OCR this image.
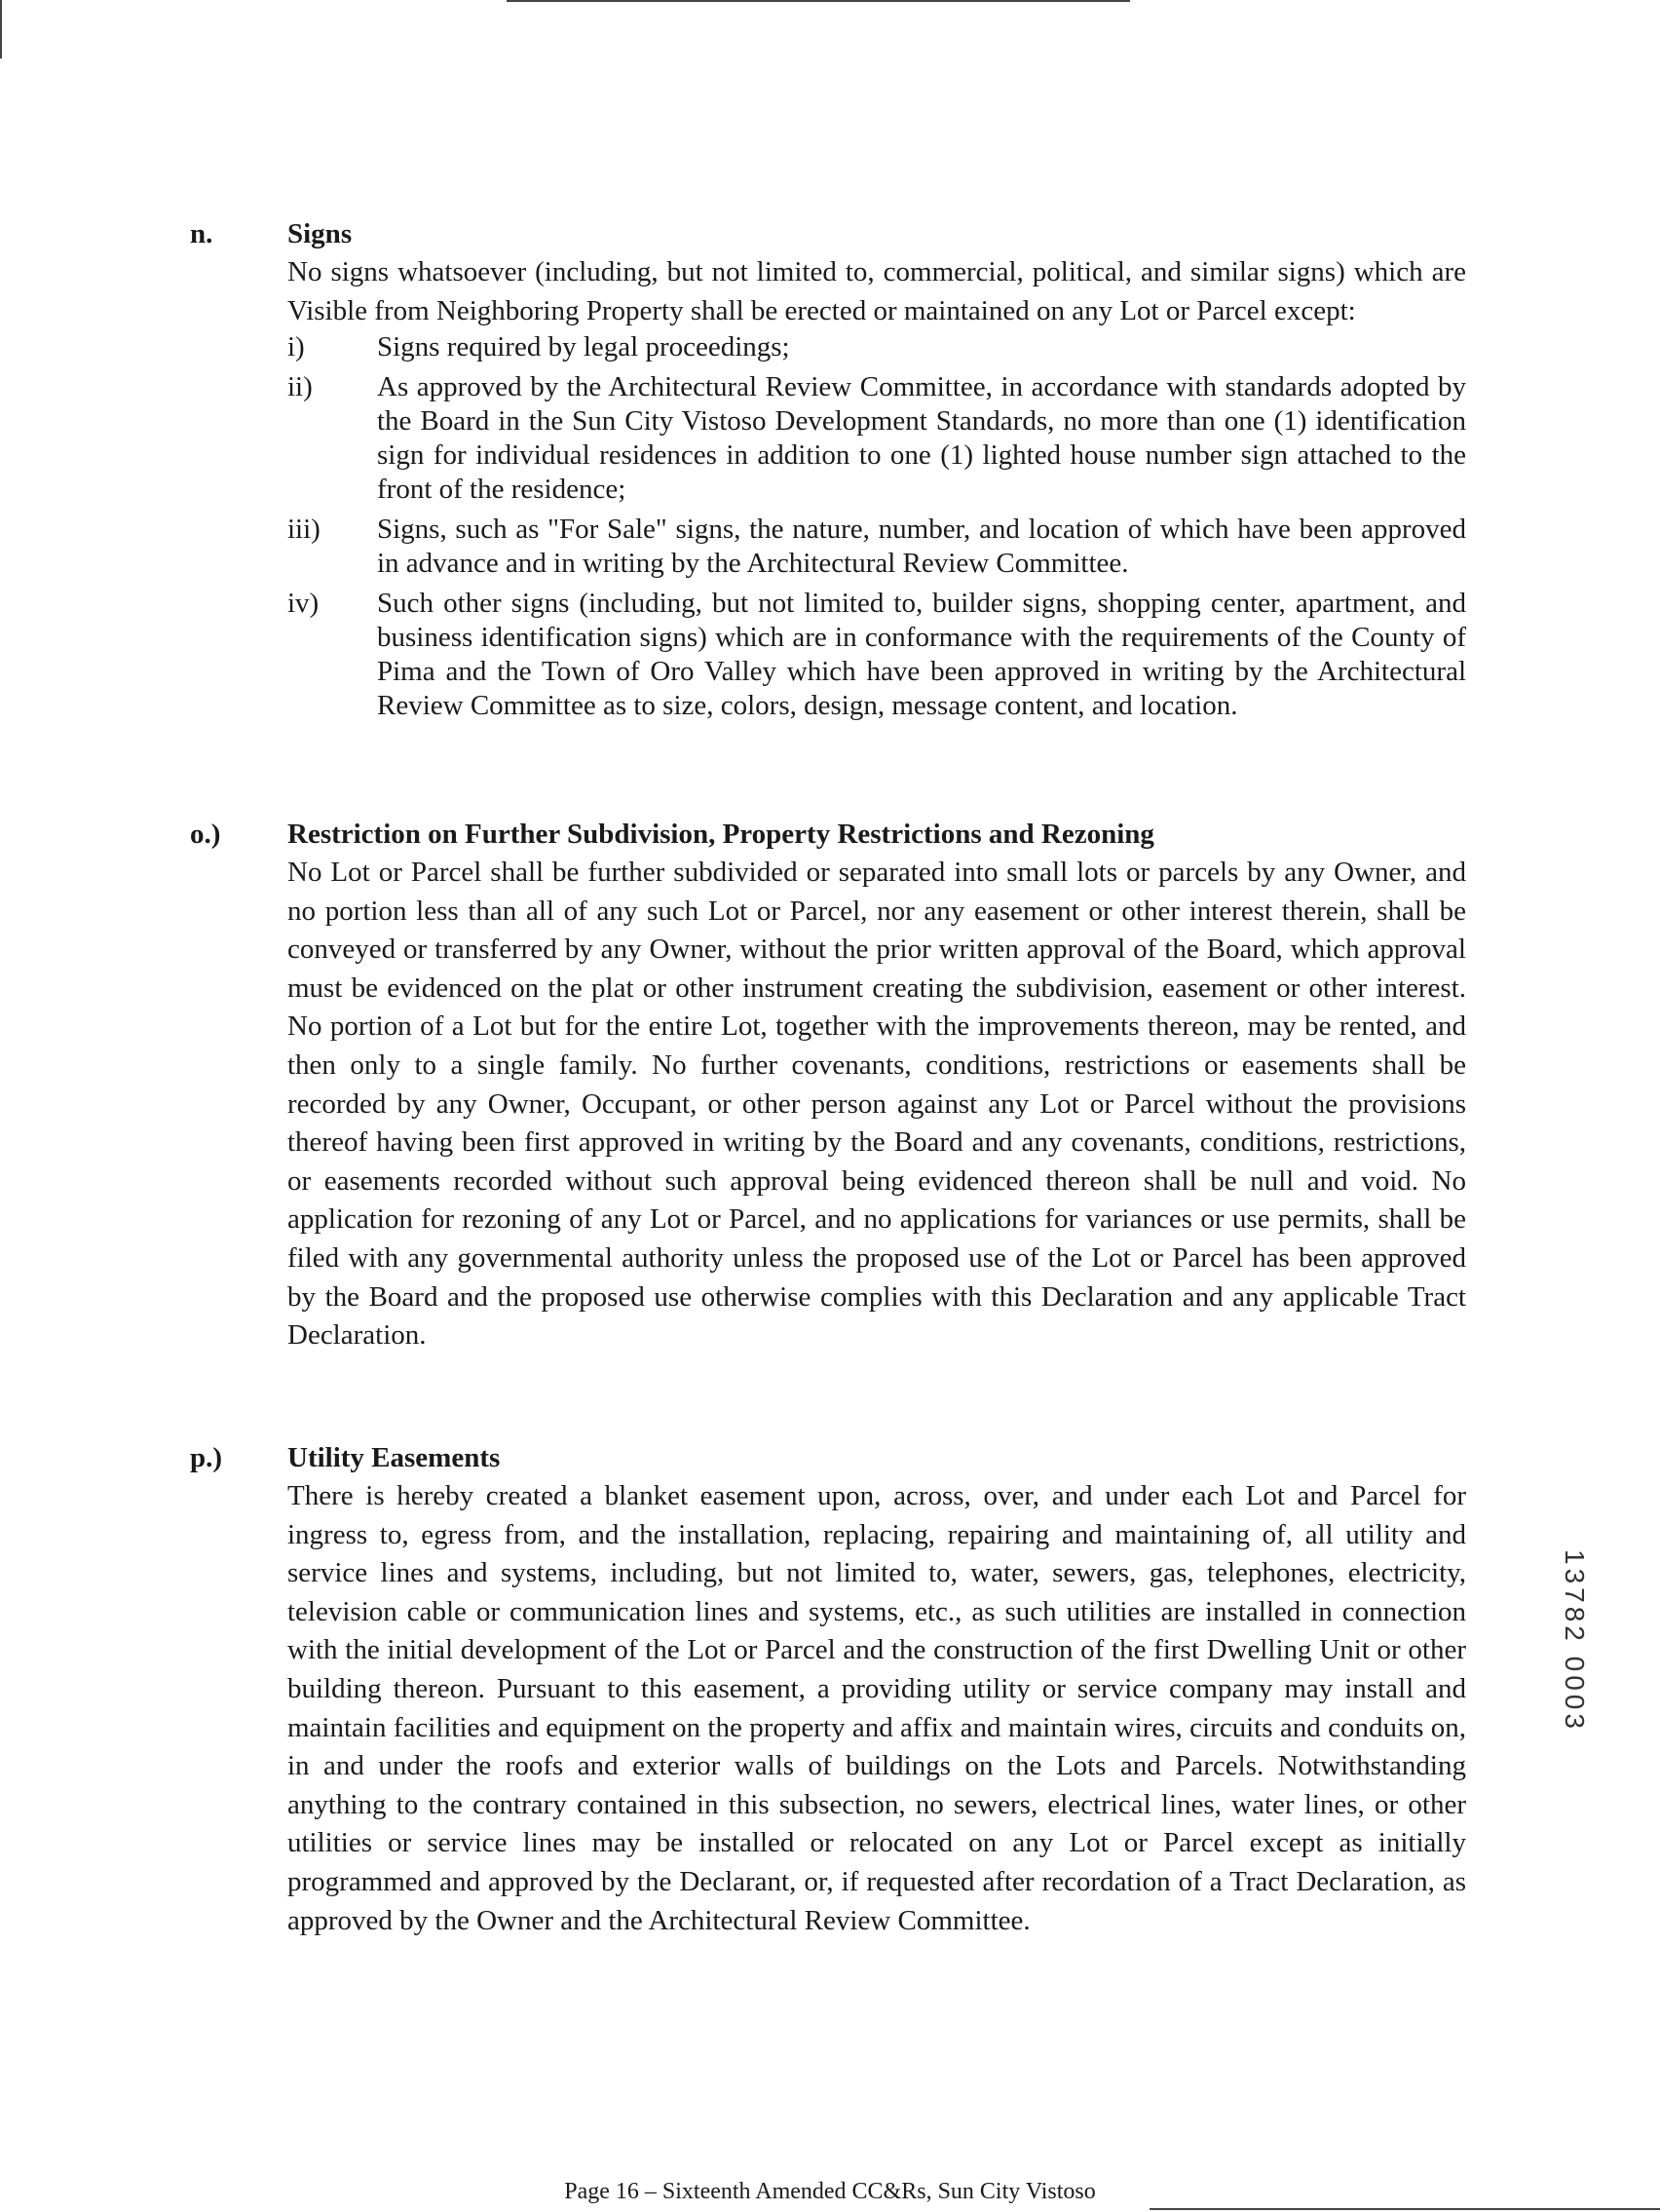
n.	Signs
No signs whatsoever (including, but not limited to, commercial, political, and similar signs) which are Visible from Neighboring Property shall be erected or maintained on any Lot or Parcel except:
i)	Signs required by legal proceedings;
ii)	As approved by the Architectural Review Committee, in accordance with standards adopted by the Board in the Sun City Vistoso Development Standards, no more than one (1) identification sign for individual residences in addition to one (1) lighted house number sign attached to the front of the residence;
iii)	Signs, such as "For Sale" signs, the nature, number, and location of which have been approved in advance and in writing by the Architectural Review Committee.
iv)	Such other signs (including, but not limited to, builder signs, shopping center, apartment, and business identification signs) which are in conformance with the requirements of the County of Pima and the Town of Oro Valley which have been approved in writing by the Architectural Review Committee as to size, colors, design, message content, and location.
o.) Restriction on Further Subdivision, Property Restrictions and Rezoning
No Lot or Parcel shall be further subdivided or separated into small lots or parcels by any Owner, and no portion less than all of any such Lot or Parcel, nor any easement or other interest therein, shall be conveyed or transferred by any Owner, without the prior written approval of the Board, which approval must be evidenced on the plat or other instrument creating the subdivision, easement or other interest. No portion of a Lot but for the entire Lot, together with the improvements thereon, may be rented, and then only to a single family. No further covenants, conditions, restrictions or easements shall be recorded by any Owner, Occupant, or other person against any Lot or Parcel without the provisions thereof having been first approved in writing by the Board and any covenants, conditions, restrictions, or easements recorded without such approval being evidenced thereon shall be null and void. No application for rezoning of any Lot or Parcel, and no applications for variances or use permits, shall be filed with any governmental authority unless the proposed use of the Lot or Parcel has been approved by the Board and the proposed use otherwise complies with this Declaration and any applicable Tract Declaration.
p.) Utility Easements
There is hereby created a blanket easement upon, across, over, and under each Lot and Parcel for ingress to, egress from, and the installation, replacing, repairing and maintaining of, all utility and service lines and systems, including, but not limited to, water, sewers, gas, telephones, electricity, television cable or communication lines and systems, etc., as such utilities are installed in connection with the initial development of the Lot or Parcel and the construction of the first Dwelling Unit or other building thereon. Pursuant to this easement, a providing utility or service company may install and maintain facilities and equipment on the property and affix and maintain wires, circuits and conduits on, in and under the roofs and exterior walls of buildings on the Lots and Parcels. Notwithstanding anything to the contrary contained in this subsection, no sewers, electrical lines, water lines, or other utilities or service lines may be installed or relocated on any Lot or Parcel except as initially programmed and approved by the Declarant, or, if requested after recordation of a Tract Declaration, as approved by the Owner and the Architectural Review Committee.
13782 0003
Page 16 – Sixteenth Amended CC&Rs, Sun City Vistoso
